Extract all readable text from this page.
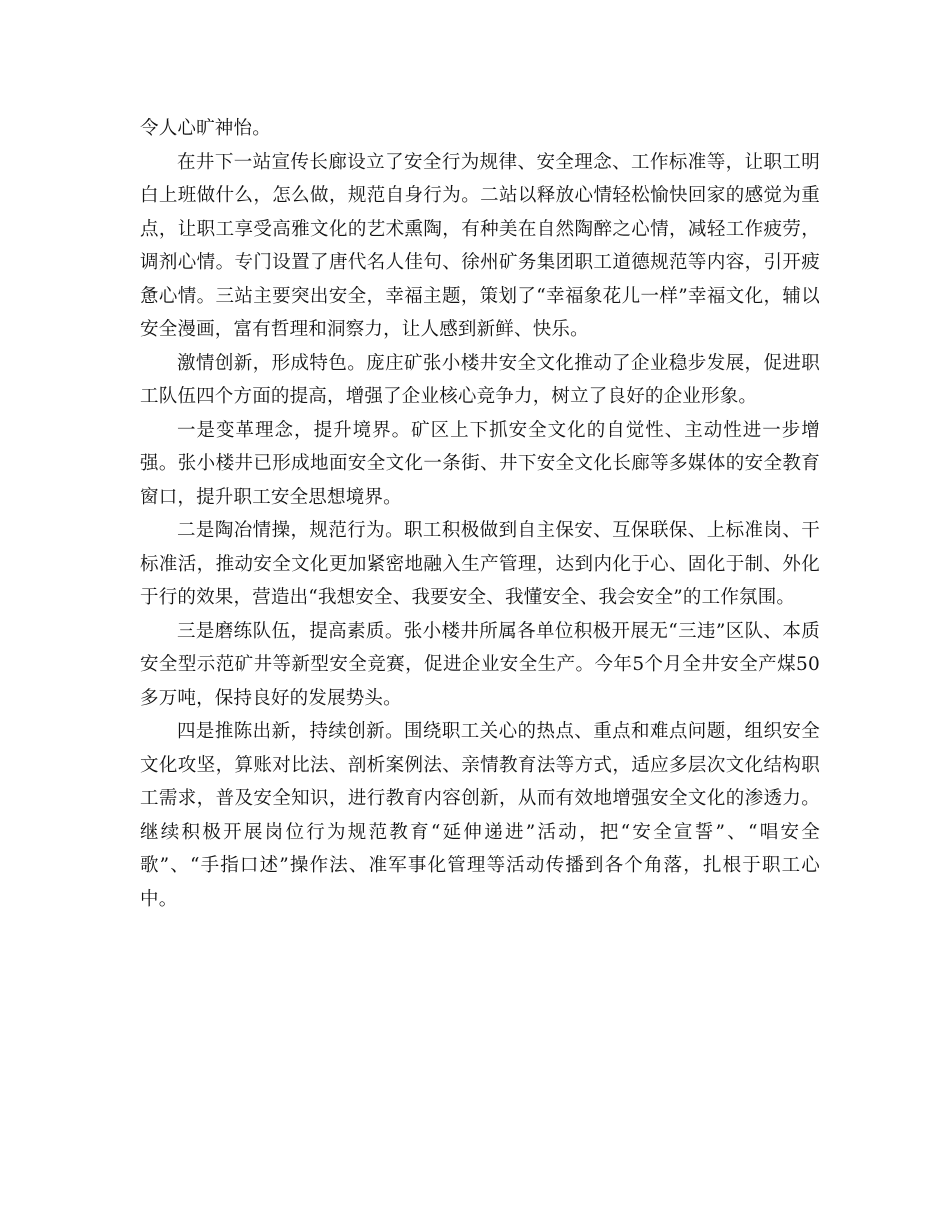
令人心旷神怡。

在井下一站宣传长廊设立了安全行为规律、安全理念、工作标准等，让职工明白上班做什么，怎么做，规范自身行为。二站以释放心情轻松愉快回家的感觉为重点，让职工享受高雅文化的艺术熏陶，有种美在自然陶醉之心情，减轻工作疲劳，调剂心情。专门设置了唐代名人佳句、徐州矿务集团职工道德规范等内容，引开疲惫心情。三站主要突出安全，幸福主题，策划了“幸福象花儿一样”幸福文化，辅以安全漫画，富有哲理和洞察力，让人感到新鲜、快乐。

激情创新，形成特色。庞庄矿张小楼井安全文化推动了企业稳步发展，促进职工队伍四个方面的提高，增强了企业核心竞争力，树立了良好的企业形象。

一是变革理念，提升境界。矿区上下抓安全文化的自觉性、主动性进一步增强。张小楼井已形成地面安全文化一条街、井下安全文化长廊等多媒体的安全教育窗口，提升职工安全思想境界。

二是陶冶情操，规范行为。职工积极做到自主保安、互保联保、上标准岗、干标准活，推动安全文化更加紧密地融入生产管理，达到内化于心、固化于制、外化于行的效果，营造出“我想安全、我要安全、我懂安全、我会安全”的工作氛围。

三是磨练队伍，提高素质。张小楼井所属各单位积极开展无“三违”区队、本质安全型示范矿井等新型安全竞赛，促进企业安全生产。今年5个月全井安全产煤50多万吨，保持良好的发展势头。

四是推陈出新，持续创新。围绕职工关心的热点、重点和难点问题，组织安全文化攻坚，算账对比法、剖析案例法、亲情教育法等方式，适应多层次文化结构职工需求，普及安全知识，进行教育内容创新，从而有效地增强安全文化的渗透力。继续积极开展岗位行为规范教育“延伸递进”活动，把“安全宣誓”、“唱安全歌”、“手指口述”操作法、准军事化管理等活动传播到各个角落，扎根于职工心中。
